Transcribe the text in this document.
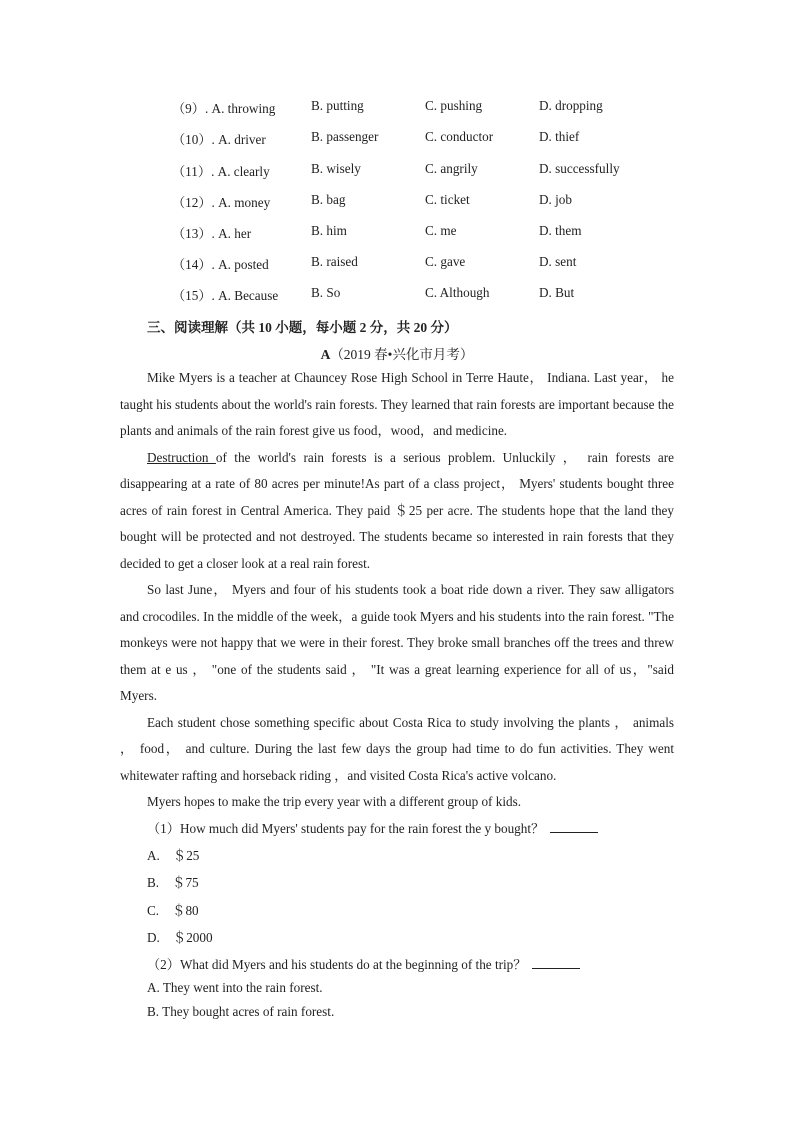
（9）. A. throwing	B. putting	C. pushing	D. dropping
（10）. A. driver	B. passenger	C. conductor	D. thief
（11）. A. clearly	B. wisely	C. angrily	D. successfully
（12）. A. money	B. bag	C. ticket	D. job
（13）. A. her	B. him	C. me	D. them
（14）. A. posted	B. raised	C. gave	D. sent
（15）. A. Because B. So	C. Although	D. But
三、阅读理解（共 10 小题，每小题 2 分，共 20 分）
A（2019 春•兴化市月考）

Mike Myers is a teacher at Chauncey Rose High School in Terre Haute， Indiana. Last year， he taught his students about the world's rain forests. They learned that rain forests are important because the plants and animals of the rain forest give us food，wood，and medicine.

Destruction of the world's rain forests is a serious problem. Unluckily ， rain forests are disappearing at a rate of 80 acres per minute!As part of a class project， Myers' students bought three acres of rain forest in Central America. They paid ＄25 per acre. The students hope that the land they bought will be protected and not destroyed. The students became so interested in rain forests that they decided to get a closer look at a real rain forest.

So last June， Myers and four of his students took a boat ride down a river. They saw alligators and crocodiles. In the middle of the week，a guide took Myers and his students into the rain forest. "The monkeys were not happy that we were in their forest. They broke small branches off the trees and threw them at e us ， "one of the students said ， "It was a great learning experience for all of us，"said Myers.

Each student chose something specific about Costa Rica to study involving the plants ， animals ， food， and culture. During the last few days the group had time to do fun activities. They went whitewater rafting and horseback riding ，and visited Costa Rica's active volcano.

Myers hopes to make the trip every year with a different group of kids.

（1）How much did Myers' students pay for the rain forest the y bought？
A.　＄25
B.　＄75
C.　＄80
D.　＄2000
（2）What did Myers and his students do at the beginning of the trip？
A. They went into the rain forest.
B. They bought acres of rain forest.
